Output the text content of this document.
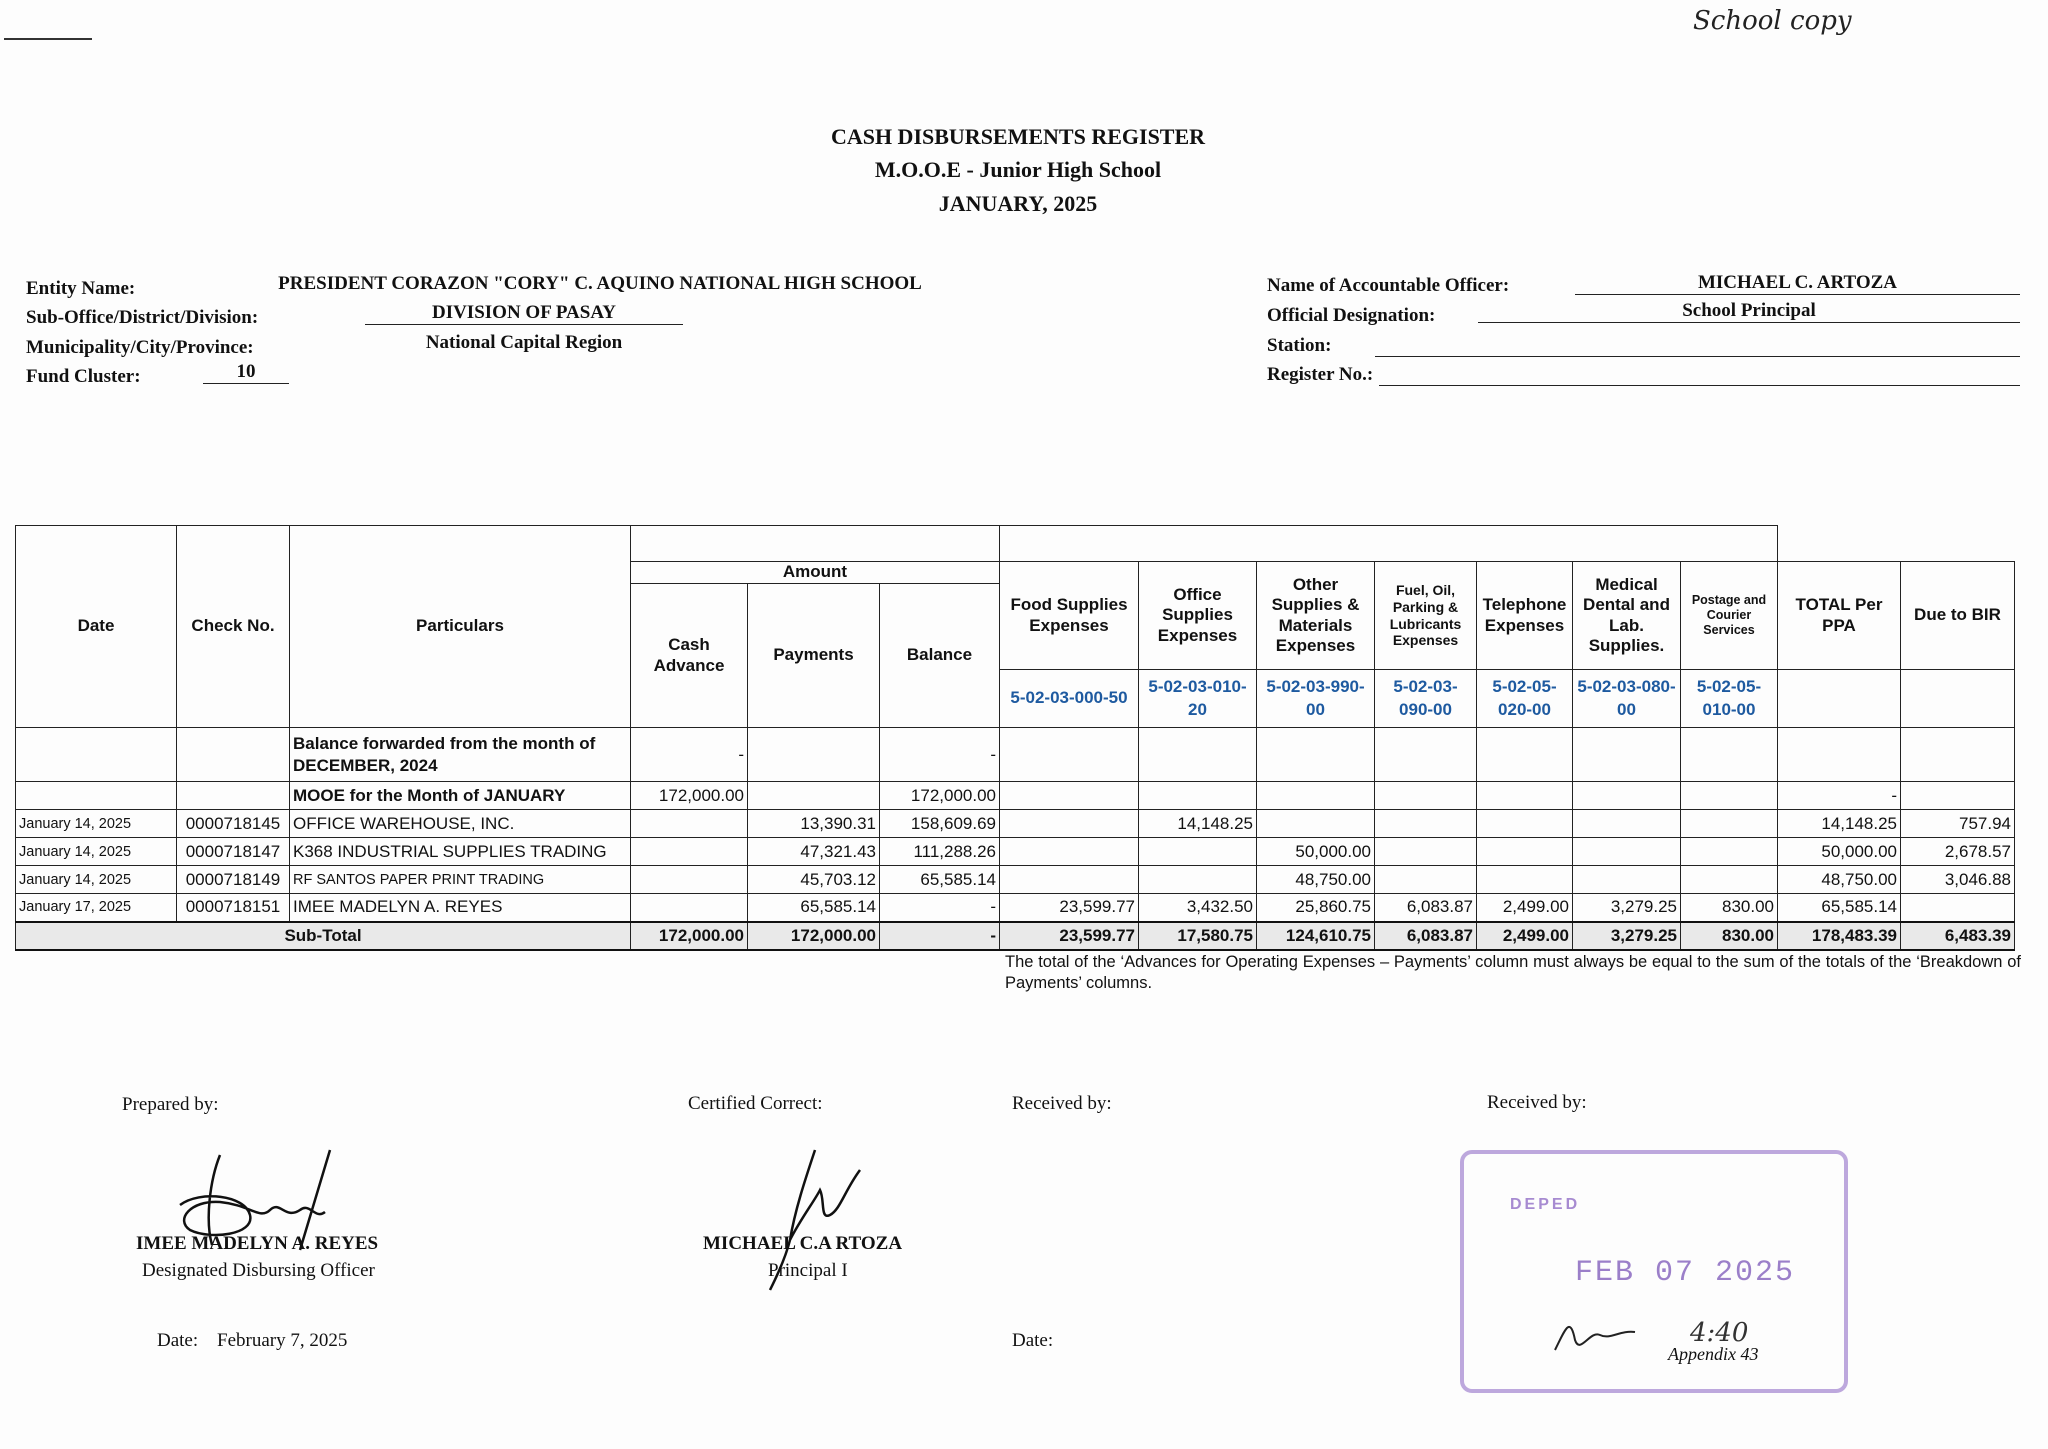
School copy
CASH DISBURSEMENTS REGISTER
M.O.O.E - Junior High School
JANUARY, 2025
Entity Name:	PRESIDENT CORAZON "CORY" C. AQUINO NATIONAL HIGH SCHOOL
Sub-Office/District/Division:	DIVISION OF PASAY
Municipality/City/Province:	National Capital Region
Fund Cluster:	10
Name of Accountable Officer:	MICHAEL C. ARTOZA
Official Designation:	School Principal
Station:
Register No.:
Date	Check No.	Particulars												
			Amount			Food Supplies Expenses	Office Supplies Expenses	Other Supplies & Materials Expenses	Fuel, Oil, Parking & Lubricants Expenses	Telephone Expenses	Medical Dental and Lab. Supplies.	Postage and Courier Services	TOTAL Per PPA	Due to BIR
			Cash Advance	Payments	Balance									
						5-02-03-000-50	5-02-03-010-20	5-02-03-990-00	5-02-03-090-00	5-02-05-020-00	5-02-03-080-00	5-02-05-010-00		
		Balance forwarded from the month of DECEMBER, 2024	-		-									
		MOOE for the Month of JANUARY	172,000.00		172,000.00								-	
January 14, 2025	0000718145	OFFICE WAREHOUSE, INC.		13,390.31	158,609.69		14,148.25						14,148.25	757.94
January 14, 2025	0000718147	K368 INDUSTRIAL SUPPLIES TRADING		47,321.43	111,288.26			50,000.00					50,000.00	2,678.57
January 14, 2025	0000718149	RF SANTOS PAPER PRINT TRADING		45,703.12	65,585.14			48,750.00					48,750.00	3,046.88
January 17, 2025	0000718151	IMEE MADELYN A. REYES		65,585.14	-	23,599.77	3,432.50	25,860.75	6,083.87	2,499.00	3,279.25	830.00	65,585.14	
Sub-Total			172,000.00	172,000.00	-	23,599.77	17,580.75	124,610.75	6,083.87	2,499.00	3,279.25	830.00	178,483.39	6,483.39
The total of the ‘Advances for Operating Expenses – Payments’ column must always be equal to the sum of the totals of the ‘Breakdown of Payments’ columns.
Prepared by:
IMEE MADELYN A. REYES
Designated Disbursing Officer
Date: February 7, 2025
Certified Correct:
MICHAEL C.A RTOZA
Principal I
Received by:
Date:
Received by:
DEPED
FEB 07 2025
4:40
Appendix 43
